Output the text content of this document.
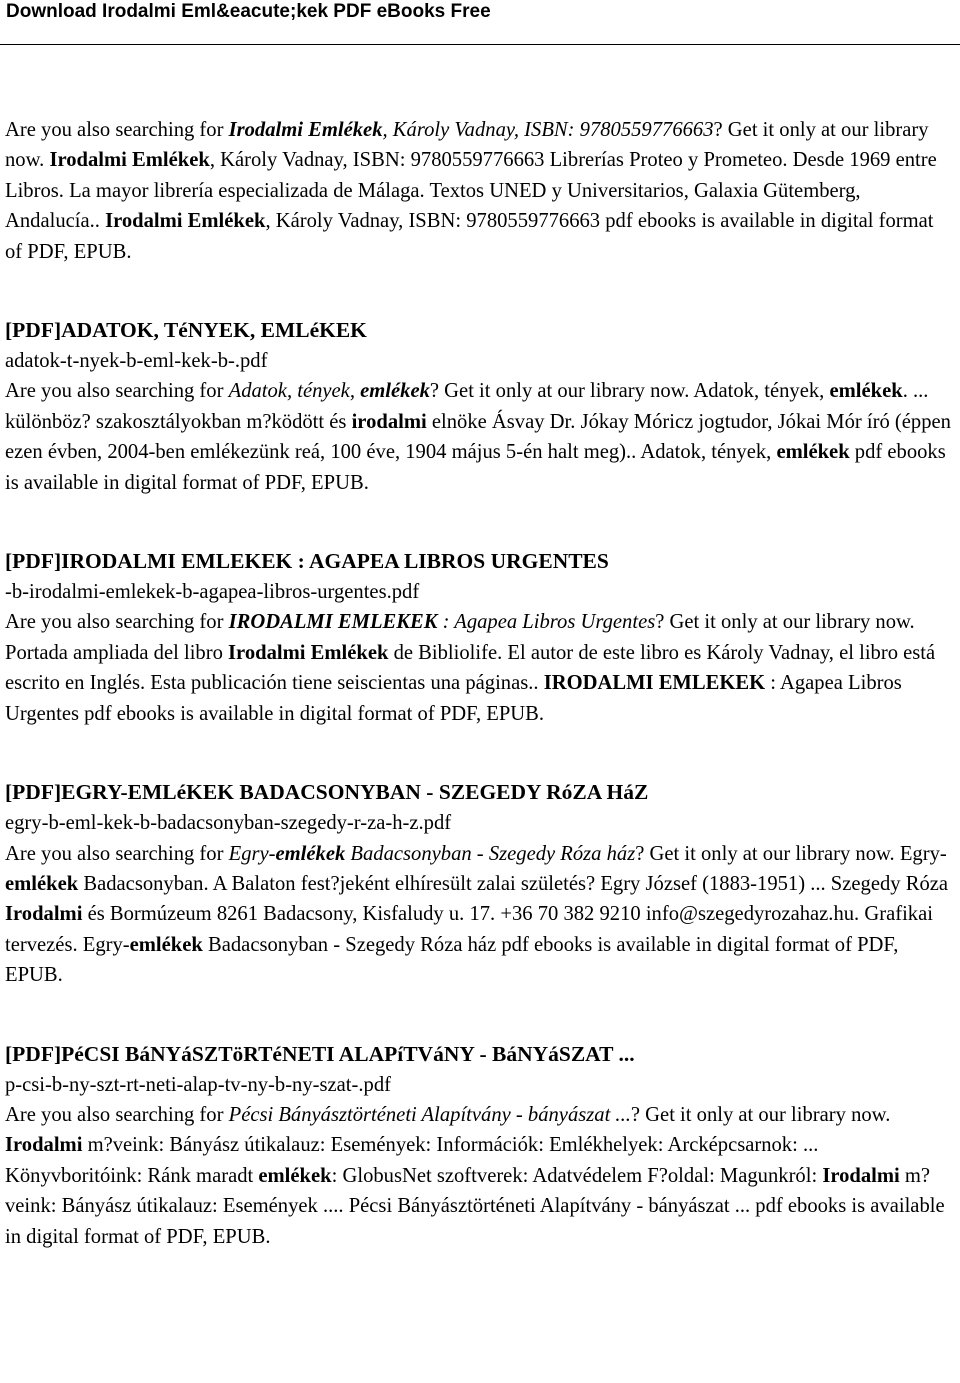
Download Irodalmi Eml&eacute;kek PDF eBooks Free

Are you also searching for Irodalmi Emlékek, Károly Vadnay, ISBN: 9780559776663? Get it only at our library now. Irodalmi Emlékek, Károly Vadnay, ISBN: 9780559776663 Librerías Proteo y Prometeo. Desde 1969 entre Libros. La mayor librería especializada de Málaga. Textos UNED y Universitarios, Galaxia Gütemberg, Andalucía.. Irodalmi Emlékek, Károly Vadnay, ISBN: 9780559776663 pdf ebooks is available in digital format of PDF, EPUB.

[PDF]ADATOK, TéNYEK, EMLéKEK
adatok-t-nyek-b-eml-kek-b-.pdf

Are you also searching for Adatok, tények, emlékek? Get it only at our library now. Adatok, tények, emlékek. ... különböz? szakosztályokban m?ködött és irodalmi elnöke Ásvay Dr. Jókay Móricz jogtudor, Jókai Mór író (éppen ezen évben, 2004-ben emlékezünk reá, 100 éve, 1904 május 5-én halt meg).. Adatok, tények, emlékek pdf ebooks is available in digital format of PDF, EPUB.

[PDF]IRODALMI EMLEKEK : AGAPEA LIBROS URGENTES
-b-irodalmi-emlekek-b-agapea-libros-urgentes.pdf

Are you also searching for IRODALMI EMLEKEK : Agapea Libros Urgentes? Get it only at our library now. Portada ampliada del libro Irodalmi Emlékek de Bibliolife. El autor de este libro es Károly Vadnay, el libro está escrito en Inglés. Esta publicación tiene seiscientas una páginas.. IRODALMI EMLEKEK : Agapea Libros Urgentes pdf ebooks is available in digital format of PDF, EPUB.

[PDF]EGRY-EMLéKEK BADACSONYBAN - SZEGEDY RóZA HáZ
egry-b-eml-kek-b-badacsonyban-szegedy-r-za-h-z.pdf

Are you also searching for Egry-emlékek Badacsonyban - Szegedy Róza ház? Get it only at our library now. Egry-emlékek Badacsonyban. A Balaton fest?jeként elhíresült zalai születés? Egry József (1883-1951) ... Szegedy Róza Irodalmi és Bormúzeum 8261 Badacsony, Kisfaludy u. 17. +36 70 382 9210 info@szegedyrozahaz.hu. Grafikai tervezés. Egry-emlékek Badacsonyban - Szegedy Róza ház pdf ebooks is available in digital format of PDF, EPUB.

[PDF]PéCSI BáNYáSZTöRTéNETI ALAPíTVáNY - BáNYáSZAT ...
p-csi-b-ny-szt-rt-neti-alap-tv-ny-b-ny-szat-.pdf

Are you also searching for Pécsi Bányásztörténeti Alapítvány - bányászat ...? Get it only at our library now. Irodalmi m?veink: Bányász útikalauz: Események: Információk: Emlékhelyek: Arcképcsarnok: ... Könyvboritóink: Ránk maradt emlékek: GlobusNet szoftverek: Adatvédelem F?oldal: Magunkról: Irodalmi m?veink: Bányász útikalauz: Események .... Pécsi Bányásztörténeti Alapítvány - bányászat ... pdf ebooks is available in digital format of PDF, EPUB.
